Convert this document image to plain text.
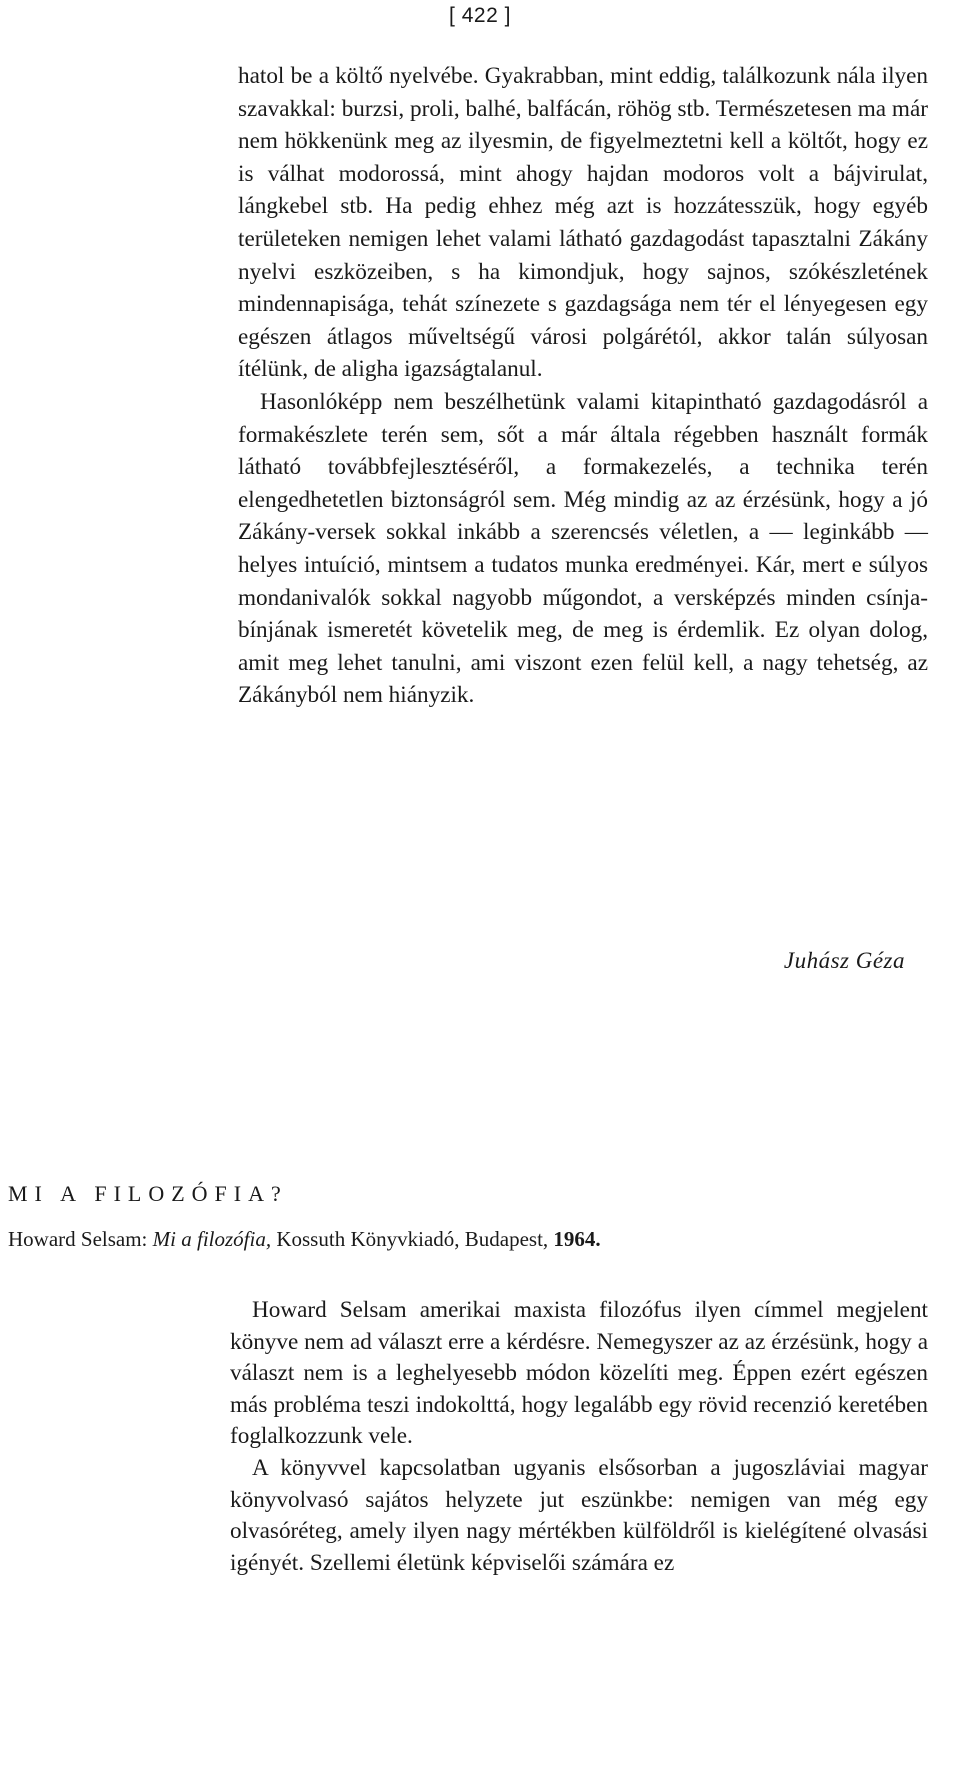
[ 422 ]

hatol be a költő nyelvébe. Gyakrabban, mint eddig, találkozunk nála ilyen szavakkal: burzsi, proli, balhé, balfácán, röhög stb. Természetesen ma már nem hökkenünk meg az ilyesmin, de figyelmeztetni kell a költőt, hogy ez is válhat modorossá, mint ahogy hajdan modoros volt a bájvirulat, lángkebel stb. Ha pedig ehhez még azt is hozzátesszük, hogy egyéb területeken nemigen lehet valami látható gazdagodást tapasztalni Zákány nyelvi eszközeiben, s ha kimondjuk, hogy sajnos, szókészletének mindennapisága, tehát színezete s gazdagsága nem tér el lényegesen egy egészen átlagos műveltségű városi polgárétól, akkor talán súlyosan ítélünk, de aligha igazságtalanul.

Hasonlóképp nem beszélhetünk valami kitapintható gazdagodásról a formakészlete terén sem, sőt a már általa régebben használt formák látható továbbfejlesztéséről, a formakezelés, a technika terén elengedhetetlen biztonságról sem. Még mindig az az érzésünk, hogy a jó Zákány-versek sokkal inkább a szerencsés véletlen, a — leginkább — helyes intuíció, mintsem a tudatos munka eredményei. Kár, mert e súlyos mondanivalók sokkal nagyobb műgondot, a versképzés minden csínja-bínjának ismeretét követelik meg, de meg is érdemlik. Ez olyan dolog, amit meg lehet tanulni, ami viszont ezen felül kell, a nagy tehetség, az Zákányból nem hiányzik.

Juhász Géza
MI A FILOZÓFIA?
Howard Selsam: Mi a filozófia, Kossuth Könyvkiadó, Budapest, 1964.

Howard Selsam amerikai maxista filozófus ilyen címmel megjelent könyve nem ad választ erre a kérdésre. Nemegyszer az az érzésünk, hogy a választ nem is a leghelyesebb módon közelíti meg. Éppen ezért egészen más probléma teszi indokolttá, hogy legalább egy rövid recenzió keretében foglalkozzunk vele.

A könyvvel kapcsolatban ugyanis elsősorban a jugoszláviai magyar könyvolvasó sajátos helyzete jut eszünkbe: nemigen van még egy olvasóréteg, amely ilyen nagy mértékben külföldről is kielégítené olvasási igényét. Szellemi életünk képviselői számára ez
